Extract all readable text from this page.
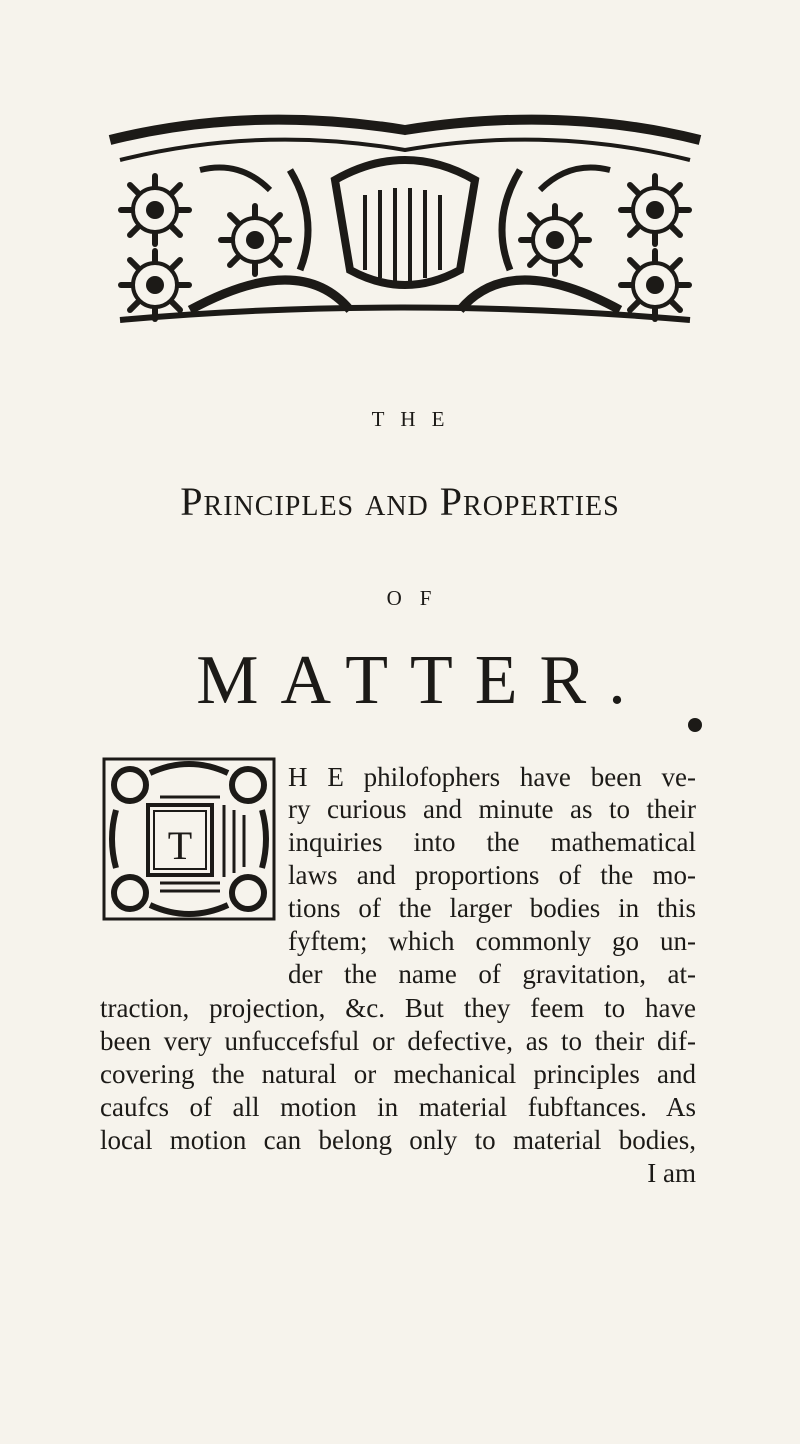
THE
Principles and Properties
OF
MATTER.
T
H E philofophers have been ve-
ry curious and minute as to their
inquiries into the mathematical
laws and proportions of the mo-
tions of the larger bodies in this
fyftem; which commonly go un-
der the name of gravitation, at-
traction, projection, &c. But they feem to have
been very unfuccefsful or defective, as to their dif-
covering the natural or mechanical principles and
caufcs of all motion in material fubftances. As
local motion can belong only to material bodies,
I am
